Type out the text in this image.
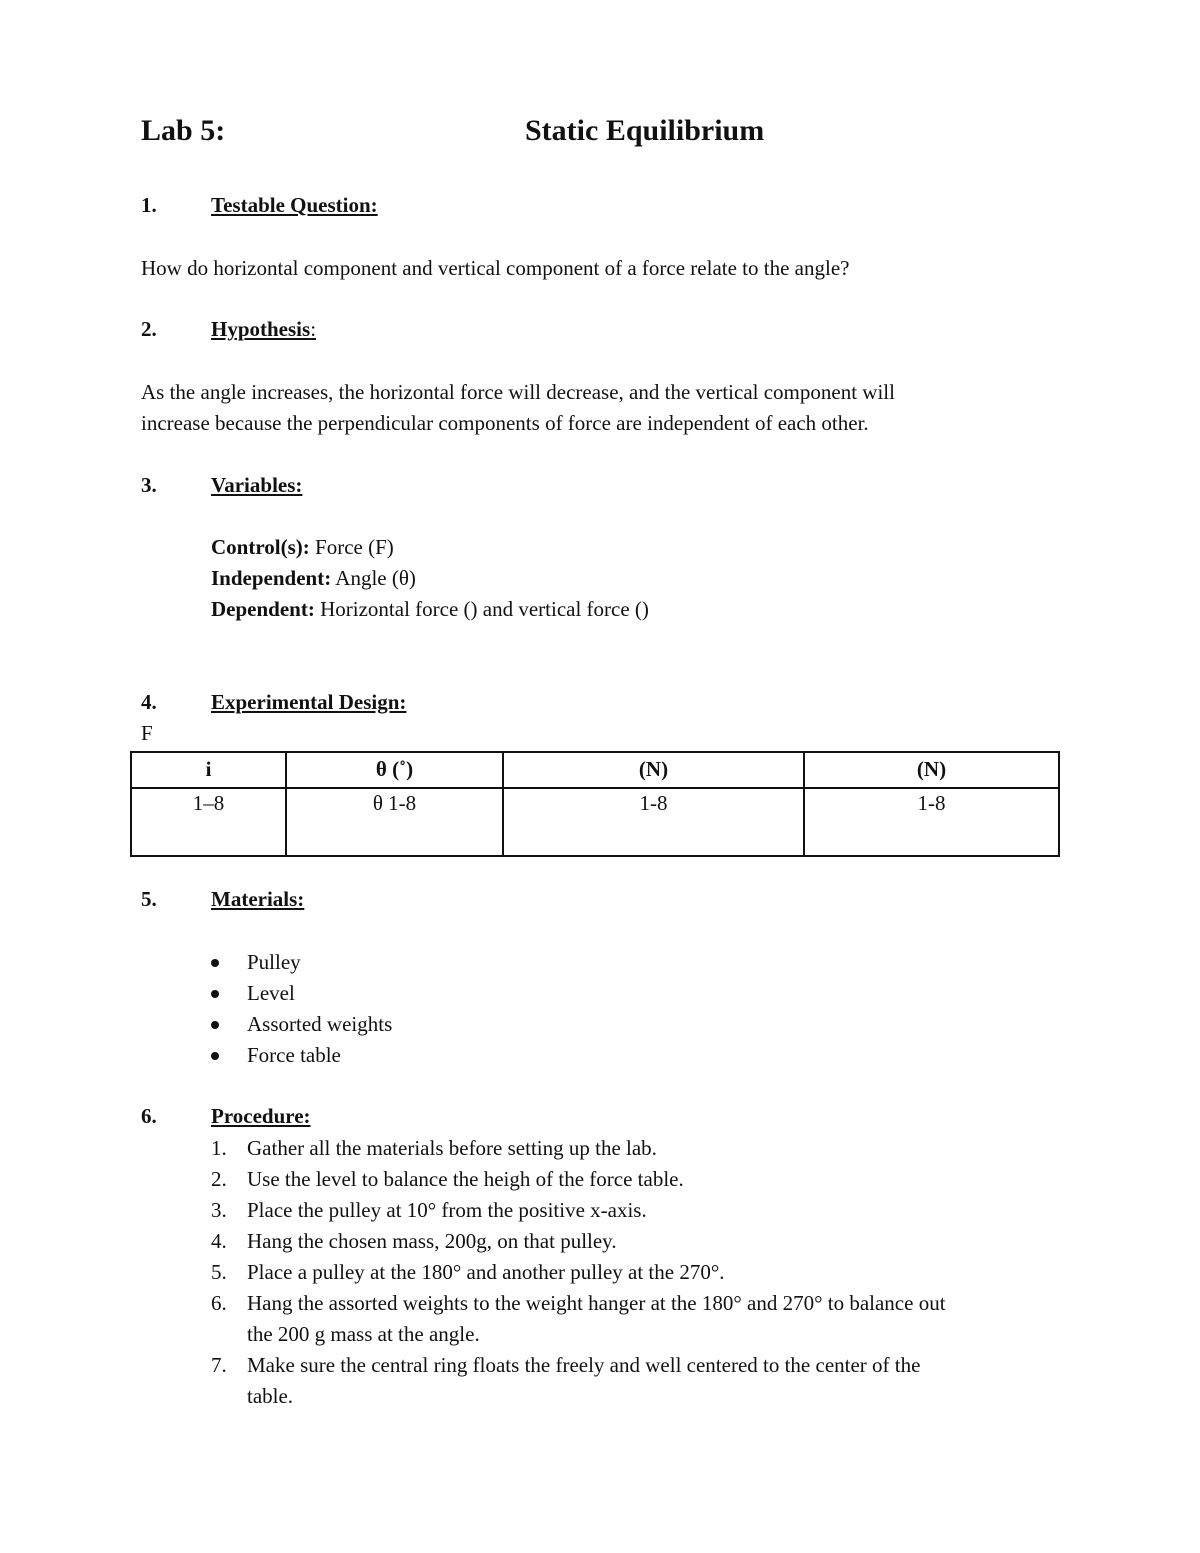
Lab 5:	Static Equilibrium
1.	Testable Question:
How do horizontal component and vertical component of a force relate to the angle?
2.	Hypothesis:
As the angle increases, the horizontal force will decrease, and the vertical component will
increase because the perpendicular components of force are independent of each other.
3.	Variables:
Control(s): Force (F)
Independent: Angle (θ)
Dependent: Horizontal force () and vertical force ()
4.	Experimental Design:
F
i	θ (˚)	(N)	(N)
1–8	θ 1-8	1-8	1-8
5.	Materials:
Pulley
Level
Assorted weights
Force table
6.	Procedure:
1. Gather all the materials before setting up the lab.
2. Use the level to balance the heigh of the force table.
3. Place the pulley at 10° from the positive x-axis.
4. Hang the chosen mass, 200g, on that pulley.
5. Place a pulley at the 180° and another pulley at the 270°.
6. Hang the assorted weights to the weight hanger at the 180° and 270° to balance out
the 200 g mass at the angle.
7. Make sure the central ring floats the freely and well centered to the center of the
table.
